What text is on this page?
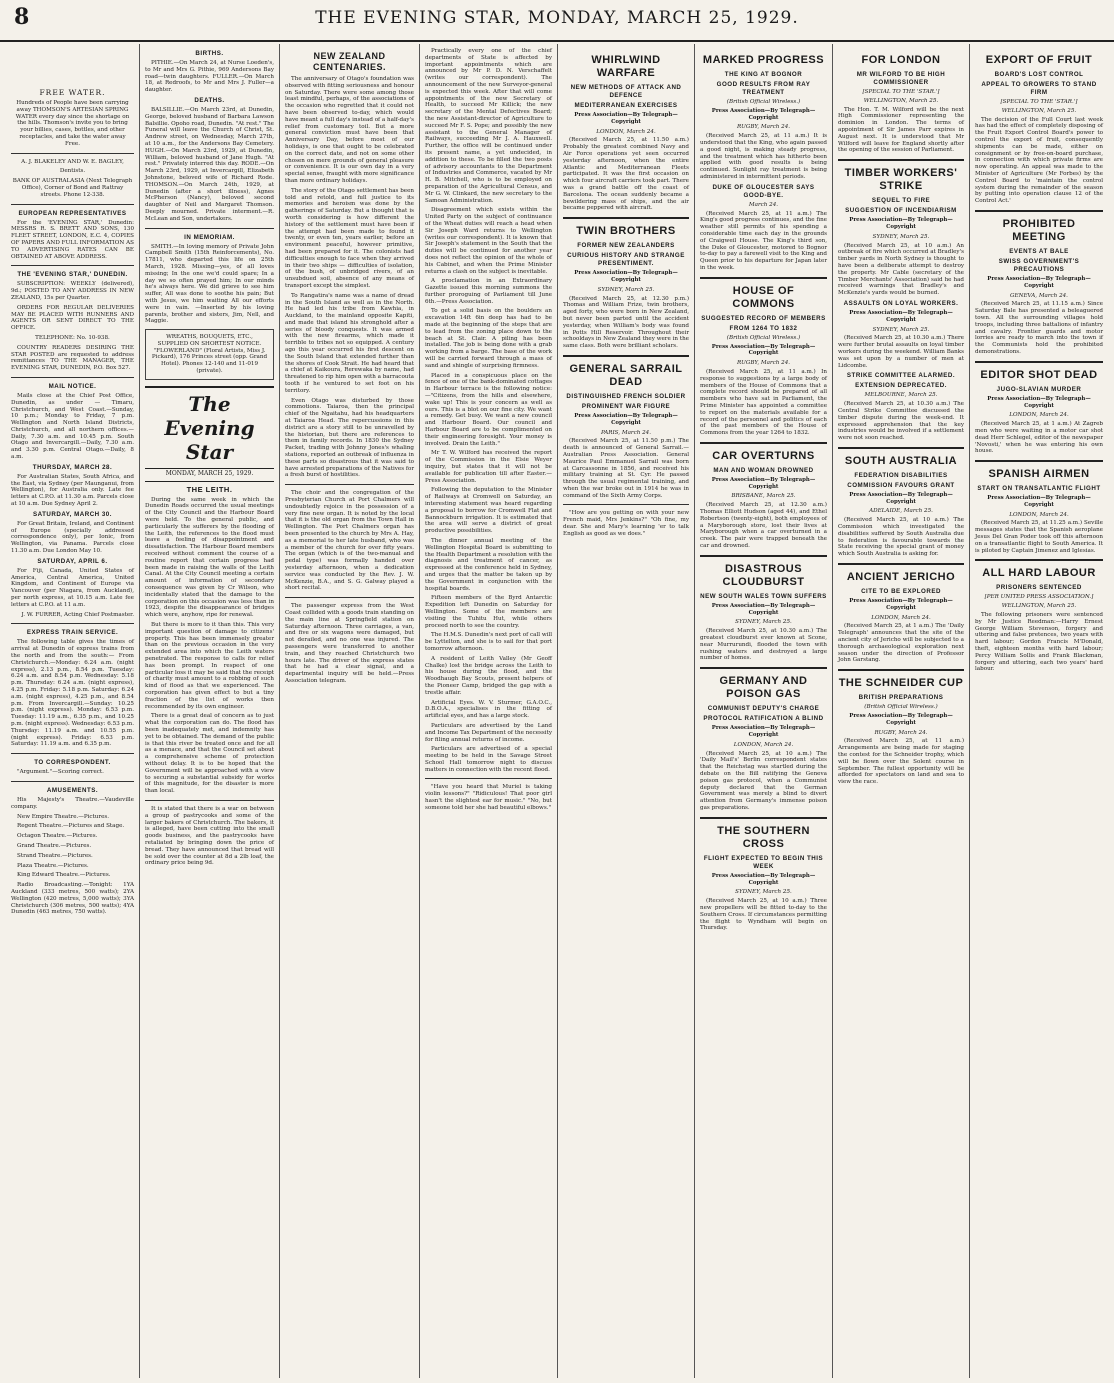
8	THE EVENING STAR, MONDAY, MARCH 25, 1929.
FREE WATER.

Hundreds of People have been carrying away THOMSON'S ARTESIAN SPRING WATER every day since the shortage on the hills. Thomson's invite you to bring your billies, cases, bottles, and other receptacles, and take the water away Free.

A. J. BLAKELEY AND W. E. BAGLEY,

Dentists.

BANK OF AUSTRALASIA (Next Telegraph Office), Corner of Bond and Rattray streets. Phone 12-338.

EUROPEAN REPRESENTATIVES

For the 'EVENING STAR,' Dunedin: MESSRS R. S. BRETT AND SONS, 130 FLEET STREET, LONDON, E.C. 4, COPIES OF PAPERS AND FULL INFORMATION AS TO ADVERTISING RATES CAN BE OBTAINED AT ABOVE ADDRESS.

THE 'EVENING STAR,' DUNEDIN.

SUBSCRIPTION: WEEKLY (delivered), 9d.; POSTED TO ANY ADDRESS IN NEW ZEALAND, 15s per Quarter.

ORDERS FOR REGULAR DELIVERIES MAY BE PLACED WITH RUNNERS AND AGENTS OR SENT DIRECT TO THE OFFICE.

TELEPHONE: No. 10-938.

COUNTRY READERS DESIRING THE STAR POSTED are requested to address remittances TO THE MANAGER, THE EVENING STAR, DUNEDIN, P.O. Box 527.

MAIL NOTICE.

Mails close at the Chief Post Office, Dunedin, as under — Timaru, Christchurch, and West Coast.—Sunday, 10 p.m.; Monday to Friday, 7 p.m. Wellington and North Island Districts, Christchurch, and all northern offices.—Daily, 7.30 a.m. and 10.45 p.m. South Otago and Invercargill.—Daily, 7.30 a.m. and 3.30 p.m. Central Otago.—Daily, 8 a.m.

THURSDAY, MARCH 28.

For Australian States, South Africa, and the East, via Sydney (per Maunganui, from Wellington), for Australia only. Late fee letters at C.P.O. at 11.30 a.m. Parcels close at 10 a.m. Due Sydney April 2.

SATURDAY, MARCH 30.

For Great Britain, Ireland, and Continent of Europe (specially addressed correspondence only), per Ionic, from Wellington, via Panama. Parcels close 11.30 a.m. Due London May 10.

SATURDAY, APRIL 6.

For Fiji, Canada, United States of America, Central America, United Kingdom, and Continent of Europe via Vancouver (per Niagara, from Auckland), per north express, at 10.15 a.m. Late fee letters at C.P.O. at 11 a.m.

J. W. FURRER, Acting Chief Postmaster.

EXPRESS TRAIN SERVICE.

The following table gives the times of arrival at Dunedin of express trains from the north and from the south:— From Christchurch.—Monday: 6.24 a.m. (night express), 2.13 p.m., 8.54 p.m. Tuesday: 6.24 a.m. and 8.54 p.m. Wednesday: 5.18 p.m. Thursday: 6.24 a.m. (night express), 4.25 p.m. Friday: 5.18 p.m. Saturday: 6.24 a.m. (night express), 4.25 p.m., and 8.54 p.m. From Invercargill.—Sunday: 10.25 p.m. (night express). Monday: 6.53 p.m. Tuesday: 11.19 a.m., 6.35 p.m., and 10.25 p.m. (night express). Wednesday: 6.53 p.m. Thursday: 11.19 a.m. and 10.55 p.m. (night express). Friday: 6.53 p.m. Saturday: 11.19 a.m. and 6.35 p.m.

TO CORRESPONDENT.

"Argument."—Scoring correct.

AMUSEMENTS.

His Majesty's Theatre.—Vaudeville company.

New Empire Theatre.—Pictures.

Regent Theatre.—Pictures and Stage.

Octagon Theatre.—Pictures.

Grand Theatre.—Pictures.

Strand Theatre.—Pictures.

Plaza Theatre.—Pictures.

King Edward Theatre.—Pictures.

Radio Broadcasting.—Tonight: 1YA Auckland (333 metres, 500 watts); 2YA Wellington (420 metres, 5,000 watts); 3YA Christchurch (306 metres, 500 watts); 4YA Dunedin (463 metres, 750 watts).

BIRTHS.

PITHIE.—On March 24, at Nurse Loeden's, to Mr and Mrs G. Pithie, 969 Andersons Bay road—twin daughters. FULLER.—On March 18, at Redroofs, to Mr and Mrs J. Fuller—a daughter.

DEATHS.

BALSILLIE.—On March 23rd, at Dunedin, George, beloved husband of Barbara Lawson Balsillie. Opoho road, Dunedin. "At rest." The Funeral will leave the Church of Christ, St. Andrew street, on Wednesday, March 27th, at 10 a.m., for the Andersons Bay Cemetery. HUGH.—On March 23rd, 1929, at Dunedin, William, beloved husband of Jane Hugh. "At rest." Privately interred this day. RODE.—On March 23rd, 1929, at Invercargill, Elizabeth Johnstone, beloved wife of Richard Rode. THOMSON.—On March 24th, 1929, at Dunedin (after a short illness), Agnes McPherson (Nancy), beloved second daughter of Neil and Margaret Thomson. Deeply mourned. Private interment.—R. McLean and Son, undertakers.

IN MEMORIAM.

SMITH.—In loving memory of Private John Campbell Smith (15th Reinforcements), No. 17811, who departed this life on 25th March, 1928. Missing—yes, of all loves missing; In the one we'd could spare; In a day we so often prayed him; In our minds he's always here. We did grieve to see him suffer, All was done to soothe his pain; But with Jesus, we him waiting All our efforts were in vain. —Inserted by his loving parents, brother and sisters, Jim, Nell, and Maggie.

WREATHS, BOUQUETS, ETC., SUPPLIED ON SHORTEST NOTICE. "FLOWERLAND" (Floral Artists, Miss J. Pickard), 176 Princes street (opp. Grand Hotel). Phones 12-140 and 11-019 (private).
The Evening Star
MONDAY, MARCH 25, 1929.
THE LEITH.

During the same week in which the Dunedin Roads occurred the usual meetings of the City Council and the Harbour Board were held. To the general public, and particularly the sufferers by the flooding of the Leith, the references to the flood must leave a feeling of disappointment and dissatisfaction. The Harbour Board members received without comment the course of a routine report that certain progress had been made in raising the walls of the Leith Canal. At the City Council meeting a certain amount of information of secondary consequence was given by Cr Wilson, who incidentally stated that the damage to the corporation on this occasion was less than in 1923, despite the disappearance of bridges which were, anyhow, ripe for renewal.

But there is more to it than this. This very important question of damage to citizens' property. This has been immensely greater than on the previous occasion in the very extended area into which the Leith waters penetrated. The response to calls for relief has been prompt. In respect of one particular loss it may be said that the receipt of charity must amount to a robbing of such kind of flood as that we experienced. The corporation has given effect to but a tiny fraction of the list of works then recommended by its own engineer.

There is a great deal of concern as to just what the corporation can do. The flood has been inadequately met, and indemnity has yet to be obtained. The demand of the public is that this river be treated once and for all as a menace, and that the Council set about a comprehensive scheme of protection without delay. It is to be hoped that the Government will be approached with a view to securing a substantial subsidy for works of this magnitude, for the disaster is more than local.

It is stated that there is a war on between a group of pastrycooks and some of the larger bakers of Christchurch. The bakers, it is alleged, have been cutting into the small goods business, and the pastrycooks have retaliated by bringing down the price of bread. They have announced that bread will be sold over the counter at 8d a 2lb loaf, the ordinary price being 9d.

NEW ZEALAND CENTENARIES.

The anniversary of Otago's foundation was observed with fitting seriousness and honour on Saturday. There were some among those least mindful, perhaps, of the associations of the occasion who regretted that it could not have been observed to-day, which would have meant a full day's instead of a half-day's relief from customary toil. But a more general conviction must have been that Anniversary Day, before most of our holidays, is one that ought to be celebrated on the correct date, and not on some other chosen on mere grounds of general pleasure or convenience. It is our own day in a very special sense, fraught with more significance than more ordinary holidays.

The story of the Otago settlement has been told and retold, and full justice to its memories and heroism was done by the gatherings of Saturday. But a thought that is worth considering is how different the history of the settlement must have been if the attempt had been made to found it twenty, or even ten, years earlier, before an environment peaceful, however primitive, had been prepared for it. The colonists had difficulties enough to face when they arrived in their two ships — difficulties of isolation, of the bush, of unbridged rivers, of an unsubdued soil, absence of any means of transport except the simplest.

To Rangatira's name was a name of dread in the South Island as well as in the North. He had led his tribe from Kawhia, in Auckland, to the mainland opposite Kapiti, and made that island his stronghold after a series of bloody conquests. It was armed with the new firearms, which made it terrible to tribes not so equipped. A century ago this year occurred his first descent on the South Island that extended further than the shores of Cook Strait. He had heard that a chief at Kaikoura, Rerewaka by name, had threatened to rip him open with a barracouta tooth if he ventured to set foot on his territory.

Even Otago was disturbed by those commotions. Taiaroa, then the principal chief of the Ngaitahu, had his headquarters at Taiaroa Head. The repercussions in this district are a story still to be unravelled by the historian, but there are references to them in family records. In 1830 the Sydney Packet, trading with Johnny Jones's whaling stations, reported an outbreak of influenza in these parts so disastrous that it was said to have arrested preparations of the Natives for a fresh burst of hostilities.

The choir and the congregation of the Presbyterian Church at Port Chalmers will undoubtedly rejoice in the possession of a very fine new organ. It is noted by the local that it is the old organ from the Town Hall in Wellington. The Port Chalmers organ has been presented to the church by Mrs A. Hay, as a memorial to her late husband, who was a member of the church for over fifty years. The organ (which is of the two-manual and pedal type) was formally handed over yesterday afternoon, when a dedication service was conducted by the Rev. J. W. McKenzie, B.A., and S. G. Galway played a short recital.

The passenger express from the West Coast collided with a goods train standing on the main line at Springfield station on Saturday afternoon. Three carriages, a van, and five or six wagons were damaged, but not derailed, and no one was injured. The passengers were transferred to another train, and they reached Christchurch two hours late. The driver of the express states that he had a clear signal, and a departmental inquiry will be held.—Press Association telegram.

Practically every one of the chief departments of State is affected by important appointments which are announced by Mr P. D. N. Verschaffelt (writes our correspondent). The announcement of the new Surveyor-general is expected this week. After that will come appointments of the new Secretary of Health, to succeed Mr Killick; the new secretary of the Mental Defectives Board; the new Assistant-director of Agriculture to succeed Mr F. S. Pope; and possibly the new assistant to the General Manager of Railways, succeeding Mr J. A. Hauxwell. Further, the office will be continued under its present name, a yet undecided, in addition to these. To be filled the two posts of advisory accountants to the Department of Industries and Commerce, vacated by Mr H. B. Mitchell, who is to be employed on preparation of the Agricultural Census, and Mr G. W. Clinkard, the new secretary to the Samoan Administration.

Disagreement which exists within the United Party on the subject of continuance of the Wheat duties will reach a head when Sir Joseph Ward returns to Wellington (writes our correspondent). It is known that Sir Joseph's statement in the South that the duties will be continued for another year does not reflect the opinion of the whole of his Cabinet, and when the Prime Minister returns a clash on the subject is inevitable.

A proclamation in an Extraordinary Gazette issued this morning summons the further proroguing of Parliament till June 6th.—Press Association.

To get a solid basis on the boulders an excavation 14ft 6in deep has had to be made at the beginning of the steps that are to lead from the zoning place down to the beach at St. Clair. A piling has been installed. The job is being done with a grab working from a barge. The base of the work will be carried forward through a mass of sand and shingle of surprising firmness.

Placed in a conspicuous place on the fence of one of the bank-dominated cottages in Harbour terrace is the following notice:—"Citizens, from the hills and elsewhere, wake up! This is your concern as well as ours. This is a blot on our fine city. We want a remedy. Get busy. We want a new council and Harbour Board. Our council and Harbour Board are to be complimented on their engineering foresight. Your money is involved. Drain the Leith."

Mr T. W. Wilford has received the report of the Commission in the Elsie Weyer inquiry, but states that it will not be available for publication till after Easter.—Press Association.

Following the deputation to the Minister of Railways at Cromwell on Saturday, an interesting statement was heard regarding a proposal to borrow for Cromwell Flat and Bannockburn irrigation. It is estimated that the area will serve a district of great productive possibilities.

The dinner annual meeting of the Wellington Hospital Board is submitting to the Health Department a resolution with the diagnosis and treatment of cancer, as expressed at the conference held in Sydney, and urges that the matter be taken up by the Government in conjunction with the hospital boards.

Fifteen members of the Byrd Antarctic Expedition left Dunedin on Saturday for Wellington. Some of the members are visiting the Tuhitu Hut, while others proceed north to see the country.

The H.M.S. Dunedin's next port of call will be Lyttelton, and she is to sail for that port tomorrow afternoon.

A resident of Leith Valley (Mr Geoff Chalke) lost the bridge across the Leith to his house during the flood, and the Woodhaugh Bay Scouts, present helpers of the Pioneer Camp, bridged the gap with a trestle affair.

Artificial Eyes. W. V. Sturmer, G.A.O.C., D.B.O.A., specialises in the fitting of artificial eyes, and has a large stock.

Particulars are advertised by the Land and Income Tax Department of the necessity for filing annual returns of income.

Particulars are advertised of a special meeting to be held in the Savage Street School Hall tomorrow night to discuss matters in connection with the recent flood.

"Have you heard that Muriel is taking violin lessons?" "Ridiculous! That poor girl hasn't the slightest ear for music." "No, but someone told her she had beautiful elbows."

WHIRLWIND WARFARE
NEW METHODS OF ATTACK AND DEFENCE
MEDITERRANEAN EXERCISES
Press Association—By Telegraph—Copyright
LONDON, March 24.

(Received March 25, at 11.50 a.m.) Probably the greatest combined Navy and Air Force operations yet seen occurred yesterday afternoon, when the entire Atlantic and Mediterranean Fleets participated. It was the first occasion on which four aircraft carriers took part. There was a grand battle off the coast of Barcelona. The ocean suddenly became a bewildering mass of ships, and the air became peppered with aircraft.

TWIN BROTHERS
FORMER NEW ZEALANDERS
CURIOUS HISTORY AND STRANGE PRESENTIMENT.
Press Association—By Telegraph—Copyright
SYDNEY, March 25.

(Received March 25, at 12.30 p.m.) Thomas and William Frize, twin brothers, aged forty, who were born in New Zealand, but never been parted until the accident yesterday, when William's body was found in Potts Hill Reservoir. Throughout their schooldays in New Zealand they were in the same class. Both were brilliant scholars.

GENERAL SARRAIL DEAD
DISTINGUISHED FRENCH SOLDIER
PROMINENT WAR FIGURE
Press Association—By Telegraph—Copyright
PARIS, March 24.

(Received March 25, at 11.50 p.m.) The death is announced of General Sarrail.—Australian Press Association. General Maurice Paul Emmanuel Sarrail was born at Carcassonne in 1856, and received his military training at St. Cyr. He passed through the usual regimental training, and when the war broke out in 1914 he was in command of the Sixth Army Corps.

"How are you getting on with your new French maid, Mrs Jenkins?" "Oh fine, my dear. She and Mary's learning 'er to talk English as good as we does."

MARKED PROGRESS
THE KING AT BOGNOR
GOOD RESULTS FROM RAY TREATMENT
(British Official Wireless.)
Press Association—By Telegraph—Copyright
RUGBY, March 24.

(Received March 25, at 11 a.m.) It is understood that the King, who again passed a good night, is making steady progress, and the treatment which has hitherto been applied with good results is being continued. Sunlight ray treatment is being administered in intermittent periods.

DUKE OF GLOUCESTER SAYS GOOD-BYE.
March 24.

(Received March 25, at 11 a.m.) The King's good progress continues, and the fine weather still permits of his spending a considerable time each day in the grounds of Craigweil House. The King's third son, the Duke of Gloucester, motored to Bognor to-day to pay a farewell visit to the King and Queen prior to his departure for Japan later in the week.

HOUSE OF COMMONS
SUGGESTED RECORD OF MEMBERS
FROM 1264 TO 1832
(British Official Wireless.)
Press Association—By Telegraph—Copyright
RUGBY, March 24.

(Received March 25, at 11 a.m.) In response to suggestions by a large body of members of the House of Commons that a complete record should be prepared of all members who have sat in Parliament, the Prime Minister has appointed a committee to report on the materials available for a record of the personnel and politics of each of the past members of the House of Commons from the year 1264 to 1832.

CAR OVERTURNS
MAN AND WOMAN DROWNED
Press Association—By Telegraph—Copyright
BRISBANE, March 25.

(Received March 25, at 12.30 a.m.) Thomas Elliott Hudson (aged 44), and Ethel Robertson (twenty-eight), both employees of a Maryborough store, lost their lives at Maryborough when a car overturned in a creek. The pair were trapped beneath the car and drowned.

DISASTROUS CLOUDBURST
NEW SOUTH WALES TOWN SUFFERS
Press Association—By Telegraph—Copyright
SYDNEY, March 25.

(Received March 25, at 10.30 a.m.) The greatest cloudburst ever known at Scone, near Murrurundi, flooded the town with rushing waters and destroyed a large number of homes.

GERMANY AND POISON GAS
COMMUNIST DEPUTY'S CHARGE
PROTOCOL RATIFICATION A BLIND
Press Association—By Telegraph—Copyright
LONDON, March 24.

(Received March 25, at 10 a.m.) The 'Daily Mail's' Berlin correspondent states that the Reichstag was startled during the debate on the Bill ratifying the Geneva poison gas protocol, when a Communist deputy declared that the German Government was merely a blind to divert attention from Germany's immense poison gas preparations.

THE SOUTHERN CROSS
FLIGHT EXPECTED TO BEGIN THIS WEEK
Press Association—By Telegraph—Copyright
SYDNEY, March 25.

(Received March 25, at 10 a.m.) Three new propellers will be fitted to-day to the Southern Cross. If circumstances permitting the flight to Wyndham will begin on Thursday.

FOR LONDON
MR WILFORD TO BE HIGH COMMISSIONER
[SPECIAL TO THE 'STAR.']
WELLINGTON, March 25.

The Hon. T. M. Wilford will be the next High Commissioner representing the dominion in London. The terms of appointment of Sir James Parr expires in August next. It is understood that Mr Wilford will leave for England shortly after the opening of the session of Parliament.

TIMBER WORKERS' STRIKE
SEQUEL TO FIRE
SUGGESTION OF INCENDIARISM
Press Association—By Telegraph—Copyright
SYDNEY, March 25.

(Received March 25, at 10 a.m.) An outbreak of fire which occurred at Bradley's timber yards in North Sydney is thought to have been a deliberate attempt to destroy the property. Mr Cable (secretary of the Timber Merchants' Association) said he had received warnings that Bradley's and McKenzie's yards would be burned.

ASSAULTS ON LOYAL WORKERS.
Press Association—By Telegraph—Copyright
SYDNEY, March 25.

(Received March 25, at 10.30 a.m.) There were further brutal assaults on loyal timber workers during the weekend. William Banks was set upon by a number of men at Lidcombe.

STRIKE COMMITTEE ALARMED.
EXTENSION DEPRECATED.
MELBOURNE, March 25.

(Received March 25, at 10.30 a.m.) The Central Strike Committee discussed the timber dispute during the week-end. It expressed apprehension that the key industries would be involved if a settlement were not soon reached.

SOUTH AUSTRALIA
FEDERATION DISABILITIES
COMMISSION FAVOURS GRANT
Press Association—By Telegraph—Copyright
ADELAIDE, March 25.

(Received March 25, at 10 a.m.) The Commission which investigated the disabilities suffered by South Australia due to federation is favourable towards the State receiving the special grant of money which South Australia is asking for.

ANCIENT JERICHO
CITE TO BE EXPLORED
Press Association—By Telegraph—Copyright
LONDON, March 24.

(Received March 25, at 1 a.m.) The 'Daily Telegraph' announces that the site of the ancient city of Jericho will be subjected to a thorough archaeological exploration next season under the direction of Professor John Garstang.

THE SCHNEIDER CUP
BRITISH PREPARATIONS
(British Official Wireless.)
Press Association—By Telegraph—Copyright
RUGBY, March 24.

(Received March 25, at 11 a.m.) Arrangements are being made for staging the contest for the Schneider trophy, which will be flown over the Solent course in September. The fullest opportunity will be afforded for spectators on land and sea to view the race.

EXPORT OF FRUIT
BOARD'S LOST CONTROL
APPEAL TO GROWERS TO STAND FIRM
[SPECIAL TO THE 'STAR.']
WELLINGTON, March 25.

The decision of the Full Court last week has had the effect of completely disposing of the Fruit Export Control Board's power to control the export of fruit, consequently shipments can be made, either on consignment or by free-on-board purchase, in connection with which private firms are now operating. An appeal was made to the Minister of Agriculture (Mr Forbes) by the Control Board to 'maintain the control system during the remainder of the season by putting into operation clause 12 of the Control Act.'

PROHIBITED MEETING
EVENTS AT BALE
SWISS GOVERNMENT'S PRECAUTIONS
Press Association—By Telegraph—Copyright
GENEVA, March 24.

(Received March 25, at 11.15 a.m.) Since Saturday Bale has presented a beleaguered town. All the surrounding villages hold troops, including three battalions of infantry and cavalry. Frontier guards and motor lorries are ready to march into the town if the Communists hold the prohibited demonstrations.

EDITOR SHOT DEAD
JUGO-SLAVIAN MURDER
Press Association—By Telegraph—Copyright
LONDON, March 24.

(Received March 25, at 1 a.m.) At Zagreb men who were waiting in a motor car shot dead Herr Schlegel, editor of the newspaper 'Novosti,' when he was entering his own house.

SPANISH AIRMEN
START ON TRANSATLANTIC FLIGHT
Press Association—By Telegraph—Copyright
LONDON, March 24.

(Received March 25, at 11.25 a.m.) Seville messages states that the Spanish aeroplane Jesus Del Gran Poder took off this afternoon on a transatlantic flight to South America. It is piloted by Captain Jimenez and Iglesias.

ALL HARD LABOUR
PRISONERS SENTENCED
[PER UNITED PRESS ASSOCIATION.]
WELLINGTON, March 25.

The following prisoners were sentenced by Mr Justice Reedman:—Harry Ernest George William Stevenson, forgery and uttering and false pretences, two years with hard labour; Gordon Francis M'Donald, theft, eighteen months with hard labour; Percy William Sollis and Frank Blackman, forgery and uttering, each two years' hard labour.
